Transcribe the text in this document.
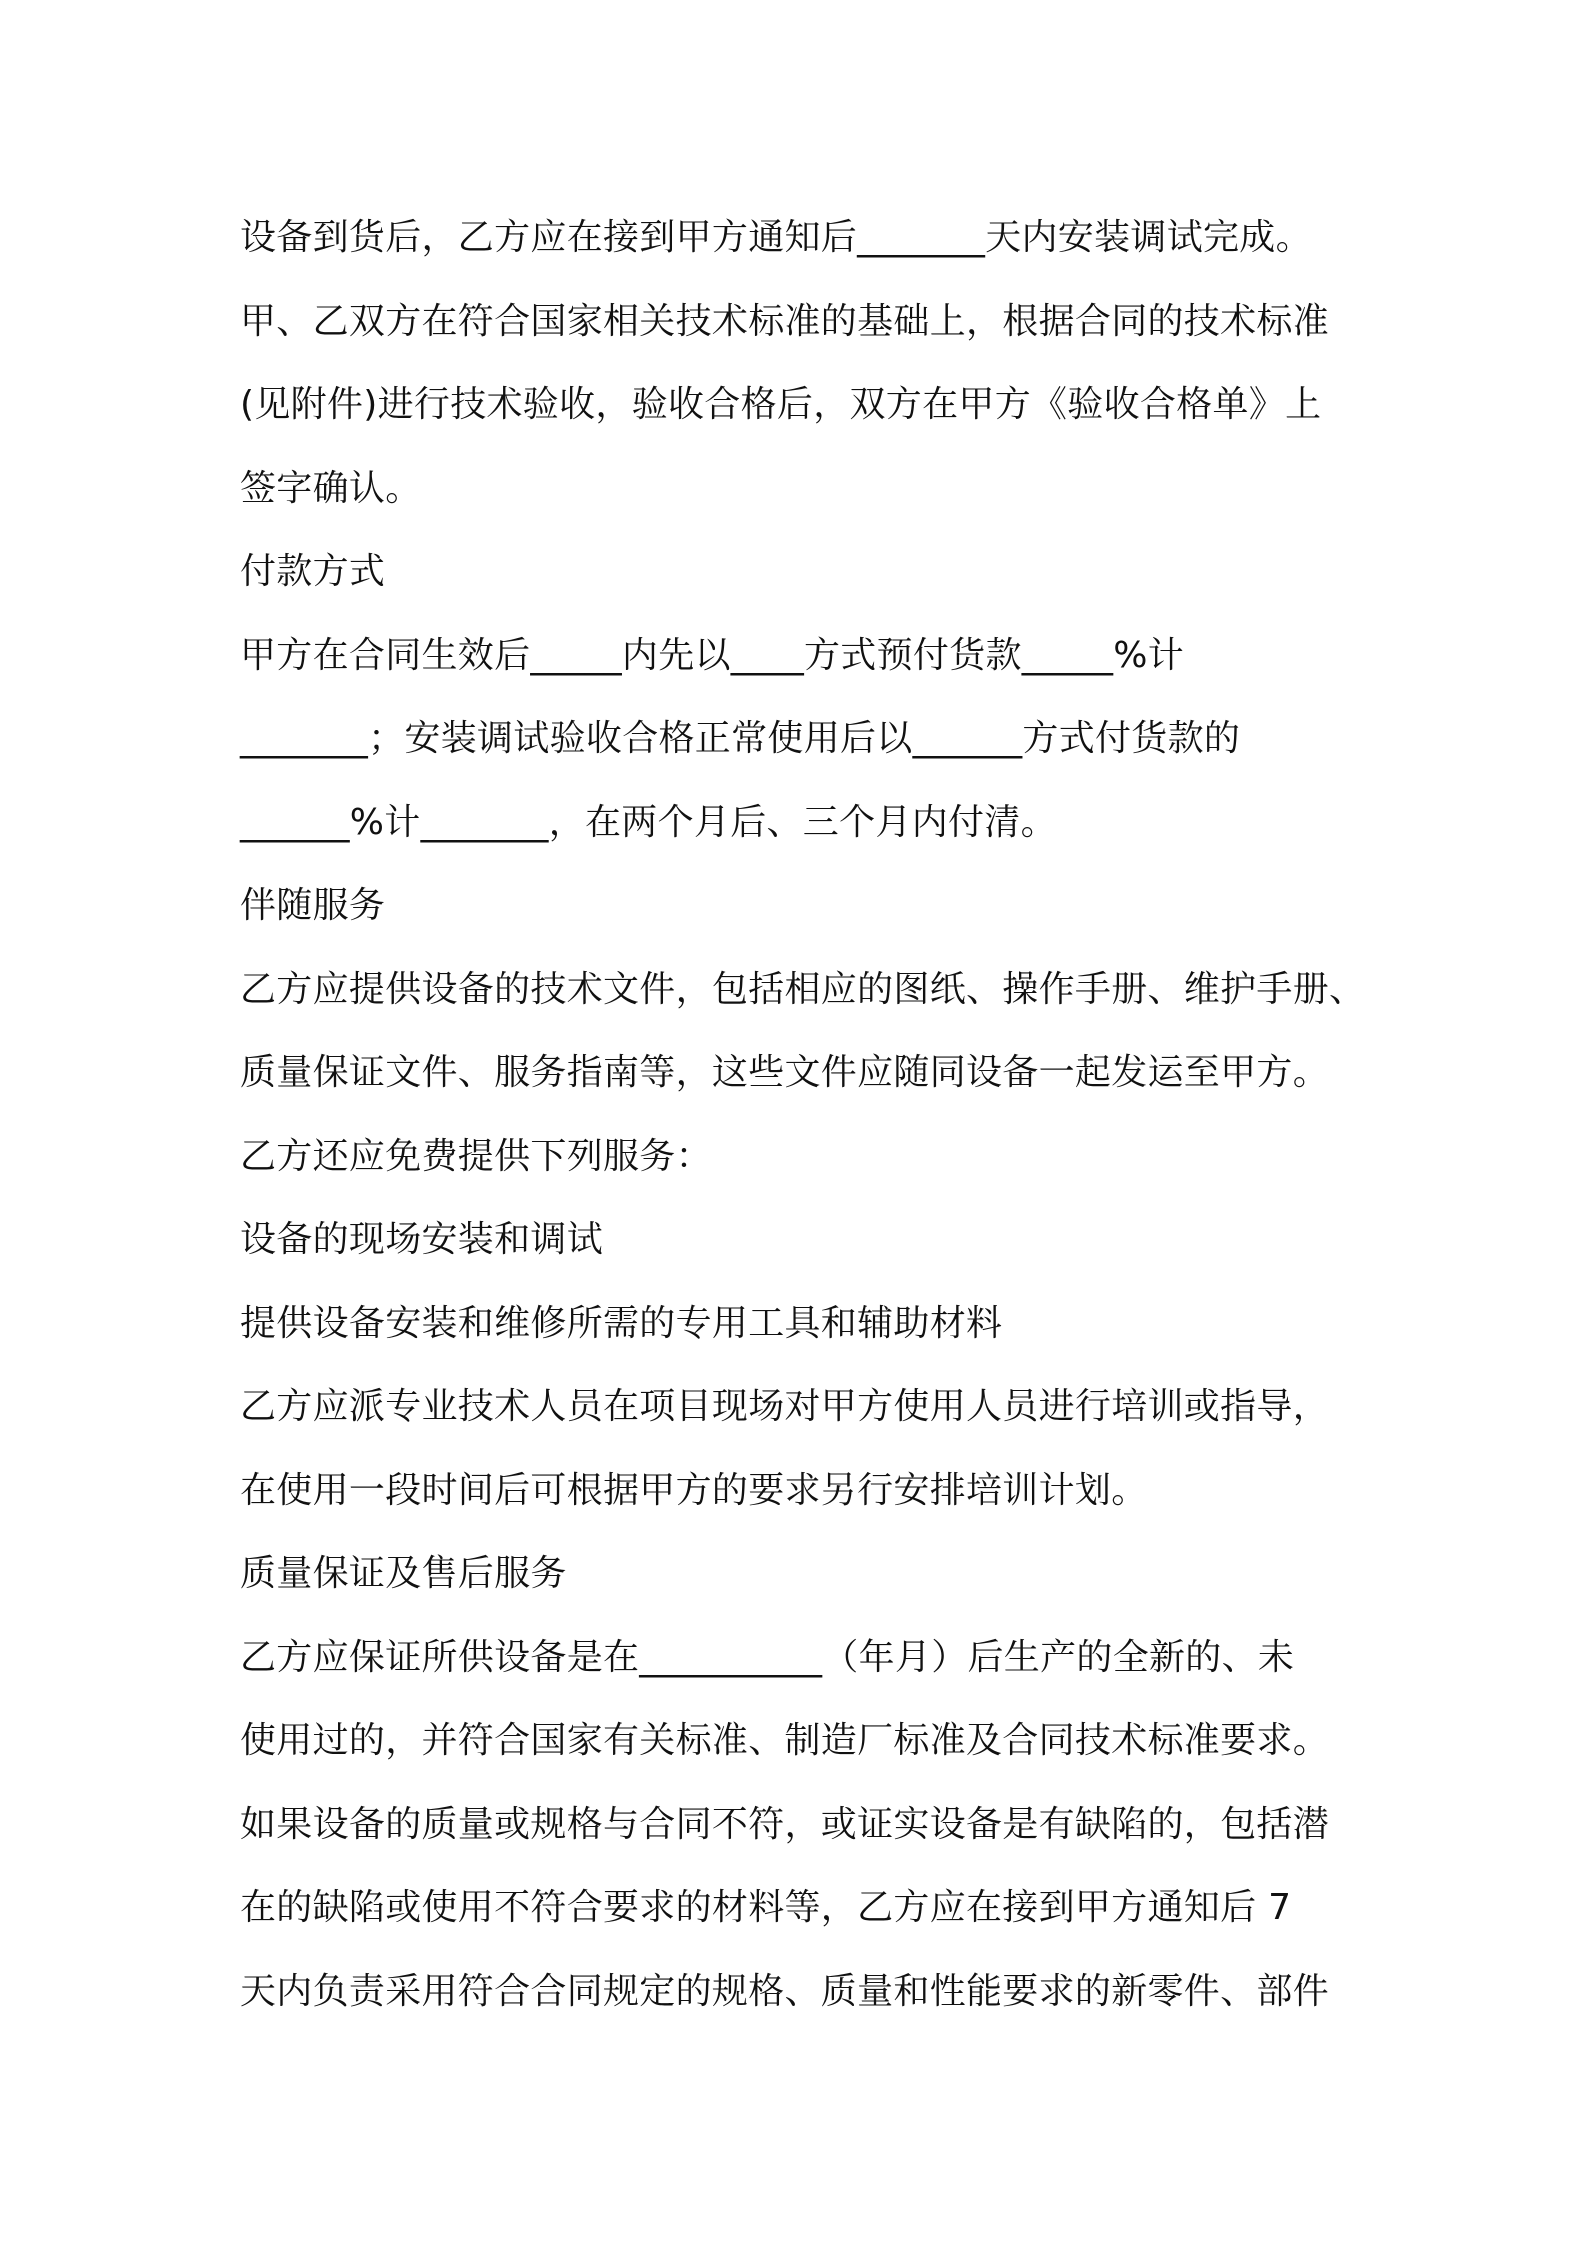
设备到货后，乙方应在接到甲方通知后_______天内安装调试完成。
甲、乙双方在符合国家相关技术标准的基础上，根据合同的技术标准
(见附件)进行技术验收，验收合格后，双方在甲方《验收合格单》上
签字确认。
付款方式
甲方在合同生效后_____内先以____方式预付货款_____%计
_______；安装调试验收合格正常使用后以______方式付货款的
______%计_______，在两个月后、三个月内付清。
伴随服务
乙方应提供设备的技术文件，包括相应的图纸、操作手册、维护手册、
质量保证文件、服务指南等，这些文件应随同设备一起发运至甲方。
乙方还应免费提供下列服务：
设备的现场安装和调试
提供设备安装和维修所需的专用工具和辅助材料
乙方应派专业技术人员在项目现场对甲方使用人员进行培训或指导，
在使用一段时间后可根据甲方的要求另行安排培训计划。
质量保证及售后服务
乙方应保证所供设备是在__________（年月）后生产的全新的、未
使用过的，并符合国家有关标准、制造厂标准及合同技术标准要求。
如果设备的质量或规格与合同不符，或证实设备是有缺陷的，包括潜
在的缺陷或使用不符合要求的材料等，乙方应在接到甲方通知后 7
天内负责采用符合合同规定的规格、质量和性能要求的新零件、部件
